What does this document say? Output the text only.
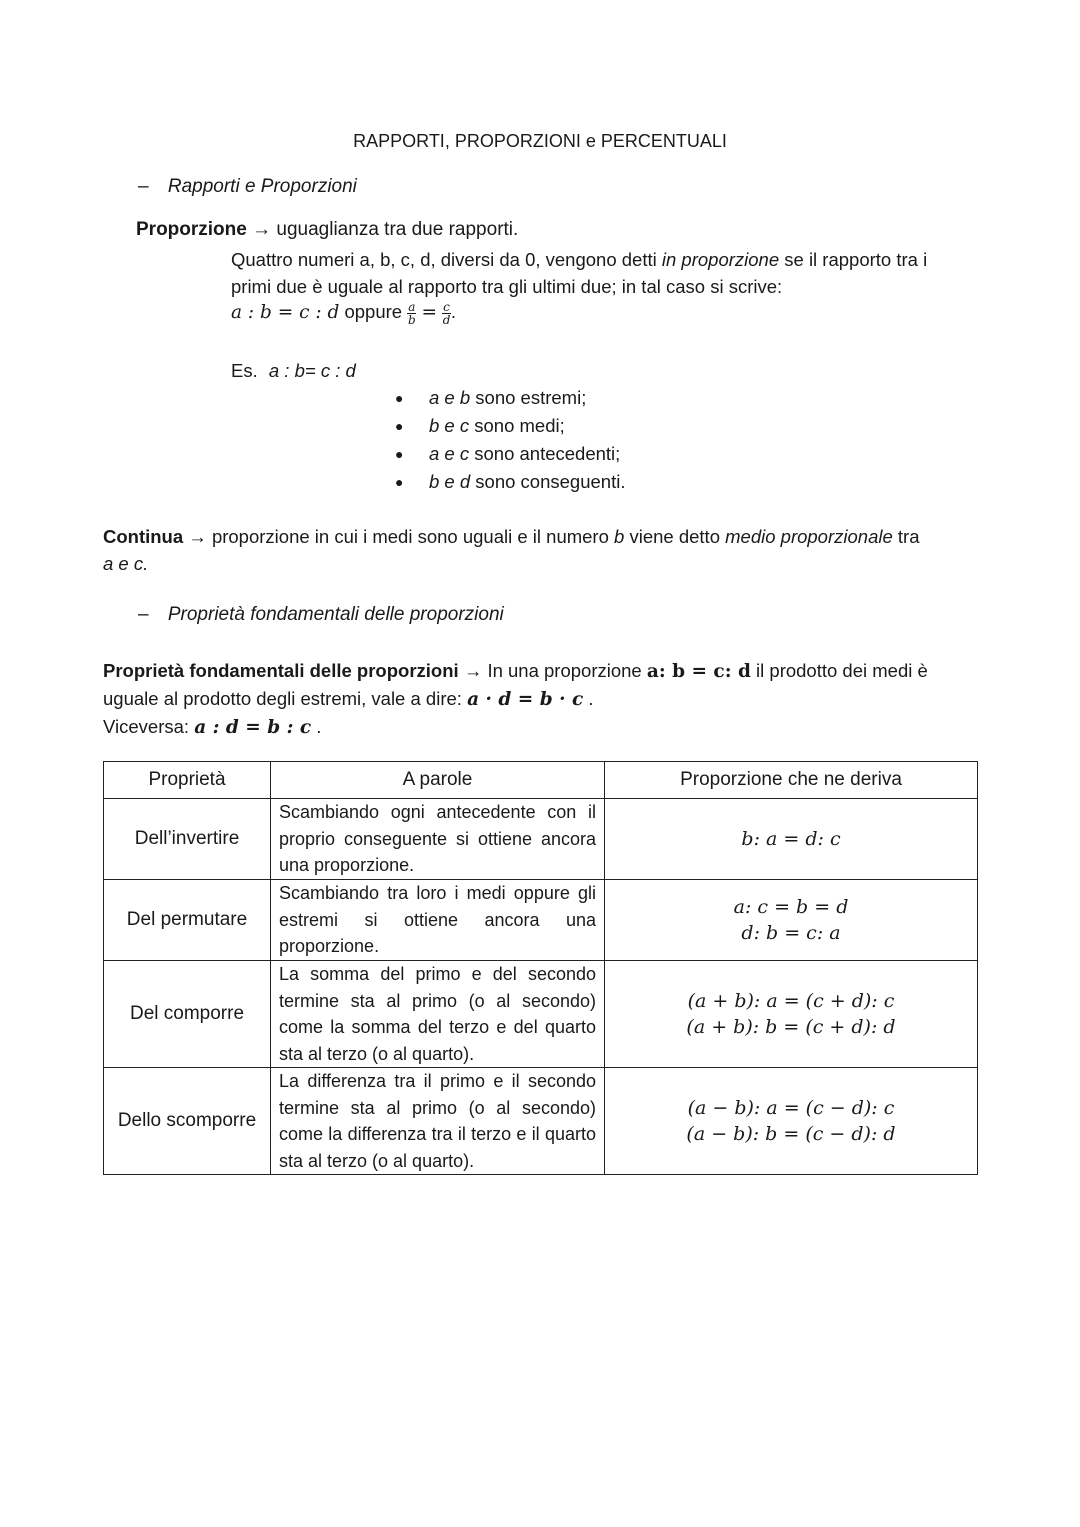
RAPPORTI, PROPORZIONI e PERCENTUALI
– Rapporti e Proporzioni
Proporzione → uguaglianza tra due rapporti.
Quattro numeri a, b, c, d, diversi da 0, vengono detti in proporzione se il rapporto tra i
primi due è uguale al rapporto tra gli ultimi due; in tal caso si scrive:
a : b = c : d oppure $\frac{a}{b} = \frac{c}{d}$ .
Es. a : b= c : d
● a e b sono estremi;
● b e c sono medi;
● a e c sono antecedenti;
● b e d sono conseguenti.
Continua → proporzione in cui i medi sono uguali e il numero b viene detto medio proporzionale tra
a e c.
– Proprietà fondamentali delle proporzioni
Proprietà fondamentali delle proporzioni → In una proporzione a: b = c: d il prodotto dei medi è
uguale al prodotto degli estremi, vale a dire: a · d = b · c .
Viceversa: a : d = b : c .
Proprietà	A parole	Proporzione che ne deriva
Dell’invertire	Scambiando ogni antecedente con il proprio conseguente si ottiene ancora una proporzione.	b: a = d: c

Del permutare	Scambiando tra loro i medi oppure gli estremi si ottiene ancora una proporzione.	a: c = b = d
d: b = c: a

Del comporre	La somma del primo e del secondo termine sta al primo (o al secondo) come la somma del terzo e del quarto sta al terzo (o al quarto).	(a + b): a = (c + d): c
(a + b): b = (c + d): d

Dello scomporre	La differenza tra il primo e il secondo termine sta al primo (o al secondo) come la differenza tra il terzo e il quarto sta al terzo (o al quarto).	(a − b): a = (c − d): c
(a − b): b = (c − d): d
